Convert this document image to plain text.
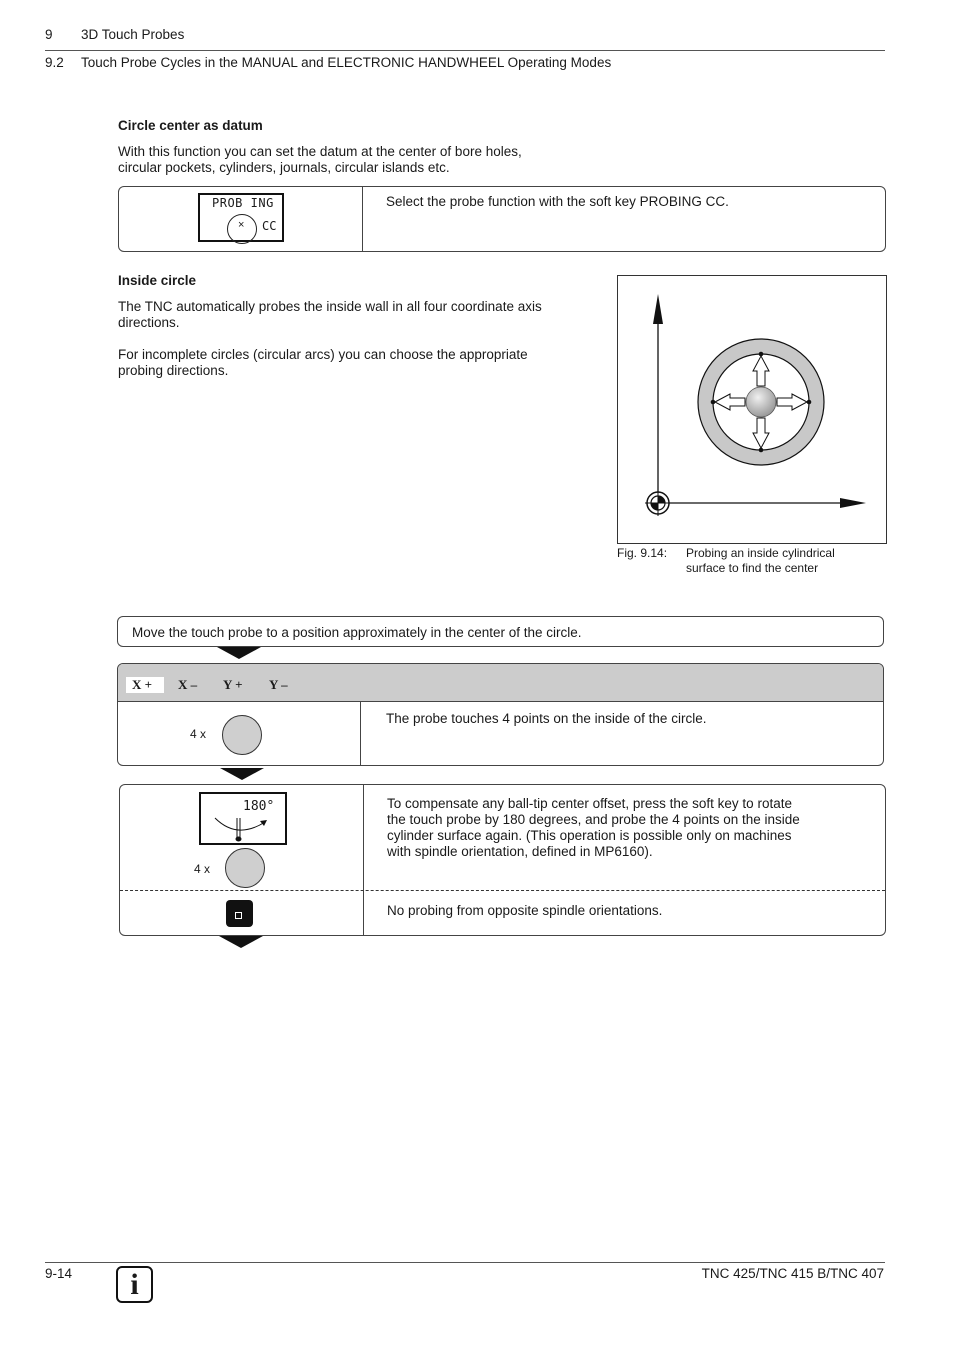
9 3D Touch Probes
9.2 Touch Probe Cycles in the MANUAL and ELECTRONIC HANDWHEEL Operating Modes
Circle center as datum
With this function you can set the datum at the center of bore holes,
circular pockets, cylinders, journals, circular islands etc.
PROB ING
× CC
Select the probe function with the soft key PROBING CC.
Inside circle
The TNC automatically probes the inside wall in all four coordinate axis
directions.
For incomplete circles (circular arcs) you can choose the appropriate
probing directions.
Fig. 9.14: Probing an inside cylindrical
surface to find the center
Move the touch probe to a position approximately in the center of the circle.
X +	X – Y + Y –
4 x
The probe touches 4 points on the inside of the circle.
180°
4 x
To compensate any ball-tip center offset, press the soft key to rotate
the touch probe by 180 degrees, and probe the 4 points on the inside
cylinder surface again. (This operation is possible only on machines
with spindle orientation, defined in MP6160).
No probing from opposite spindle orientations.
9-14	i	TNC 425/TNC 415 B/TNC 407
